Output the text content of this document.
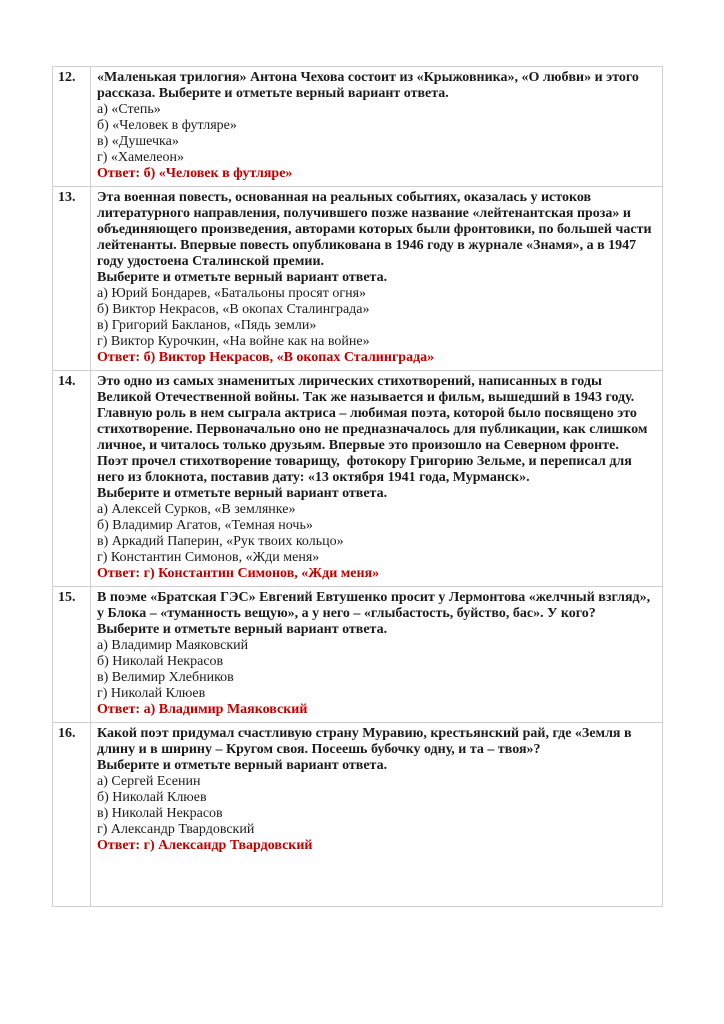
12.	«Маленькая трилогия» Антона Чехова состоит из «Крыжовника», «О любви» и этого рассказа. Выберите и отметьте верный вариант ответа.

а) «Степь»

б) «Человек в футляре»

в) «Душечка»

г) «Хамелеон»

Ответ: б) «Человек в футляре»

13.	Эта военная повесть, основанная на реальных событиях, оказалась у истоков литературного направления, получившего позже название «лейтенантская проза» и объединяющего произведения, авторами которых были фронтовики, по большей части лейтенанты. Впервые повесть опубликована в 1946 году в журнале «Знамя», а в 1947 году удостоена Сталинской премии.

Выберите и отметьте верный вариант ответа.

а) Юрий Бондарев, «Батальоны просят огня»

б) Виктор Некрасов, «В окопах Сталинграда»

в) Григорий Бакланов, «Пядь земли»

г) Виктор Курочкин, «На войне как на войне»

Ответ: б) Виктор Некрасов, «В окопах Сталинграда»

14.	Это одно из самых знаменитых лирических стихотворений, написанных в годы Великой Отечественной войны. Так же называется и фильм, вышедший в 1943 году. Главную роль в нем сыграла актриса – любимая поэта, которой было посвящено это стихотворение. Первоначально оно не предназначалось для публикации, как слишком личное, и читалось только друзьям. Впервые это произошло на Северном фронте.  Поэт прочел стихотворение товарищу,  фотокору Григорию Зельме, и переписал для него из блокнота, поставив дату: «13 октября 1941 года, Мурманск».

Выберите и отметьте верный вариант ответа.

а) Алексей Сурков, «В землянке»

б) Владимир Агатов, «Темная ночь»

в) Аркадий Паперин, «Рук твоих кольцо»

г) Константин Симонов, «Жди меня»

Ответ: г) Константин Симонов, «Жди меня»

15.	В поэме «Братская ГЭС» Евгений Евтушенко просит у Лермонтова «желчный взгляд»,     у Блока – «туманность вещую», а у него – «глыбастость, буйство, бас». У кого?

Выберите и отметьте верный вариант ответа.

а) Владимир Маяковский

б) Николай Некрасов

в) Велимир Хлебников

г) Николай Клюев

Ответ: а) Владимир Маяковский

16.	Какой поэт придумал счастливую страну Муравию, крестьянский рай, где «Земля в длину и в ширину – Кругом своя. Посеешь бубочку одну, и та – твоя»?

Выберите и отметьте верный вариант ответа.

а) Сергей Есенин

б) Николай Клюев

в) Николай Некрасов

г) Александр Твардовский

Ответ: г) Александр Твардовский
